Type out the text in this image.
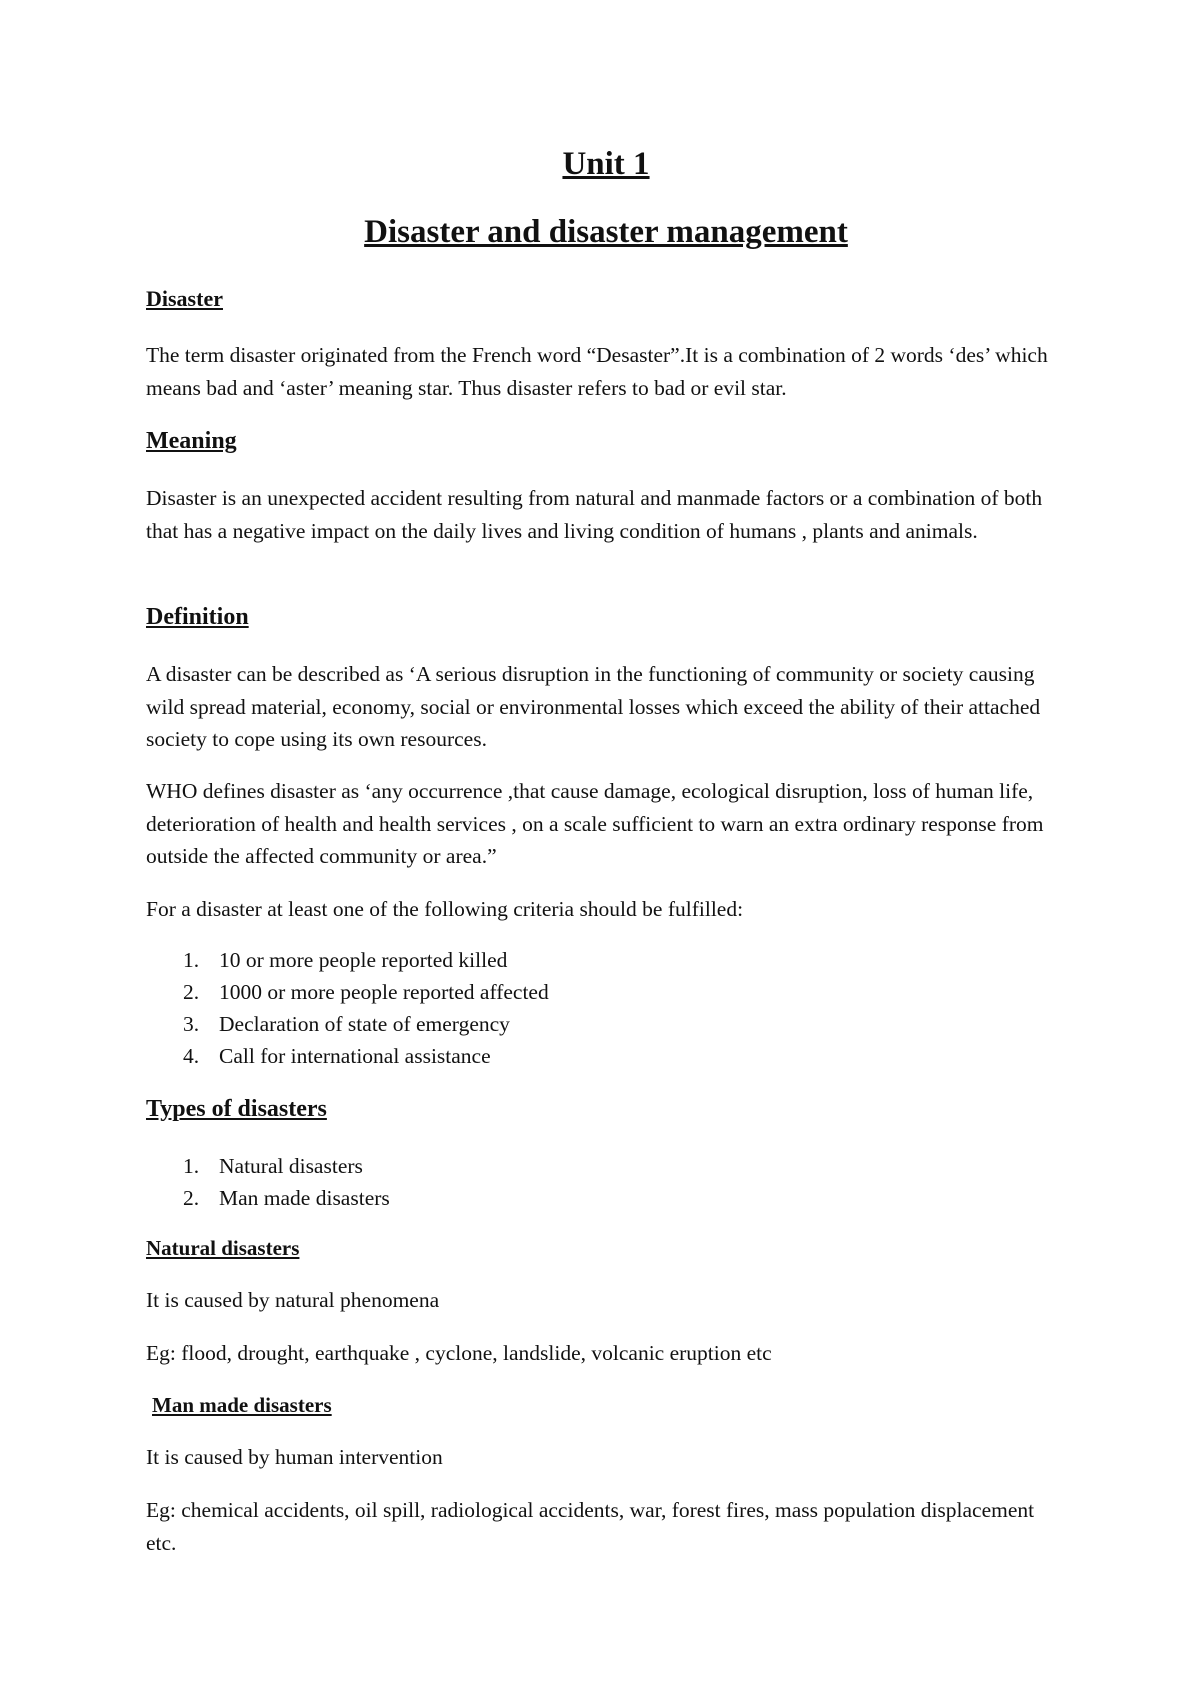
Unit 1
Disaster and disaster management
Disaster

The term disaster originated from the French word “Desaster”.It is a combination of 2 words ‘des’ which means bad and ‘aster’ meaning star. Thus disaster refers to bad or evil star.

Meaning

Disaster is an unexpected accident resulting from natural and manmade factors or a combination of both that has a negative impact on the daily lives and living condition of humans , plants and animals.

Definition

A disaster can be described as ‘A serious disruption in the functioning of community or society causing wild spread material, economy, social or environmental losses which exceed the ability of their attached society to cope using its own resources.

WHO defines disaster as ‘any occurrence ,that cause damage, ecological disruption, loss of human life, deterioration of health and health services , on a scale sufficient to warn an extra ordinary response from outside the affected community or area.”

For a disaster at least one of the following criteria should be fulfilled:

1. 10 or more people reported killed
2. 1000 or more people reported affected
3. Declaration of state of emergency
4. Call for international assistance
Types of disasters
1. Natural disasters
2. Man made disasters
Natural disasters

It is caused by natural phenomena

Eg: flood, drought, earthquake , cyclone, landslide, volcanic eruption etc

Man made disasters

It is caused by human intervention

Eg: chemical accidents, oil spill, radiological accidents, war, forest fires, mass population displacement etc.
